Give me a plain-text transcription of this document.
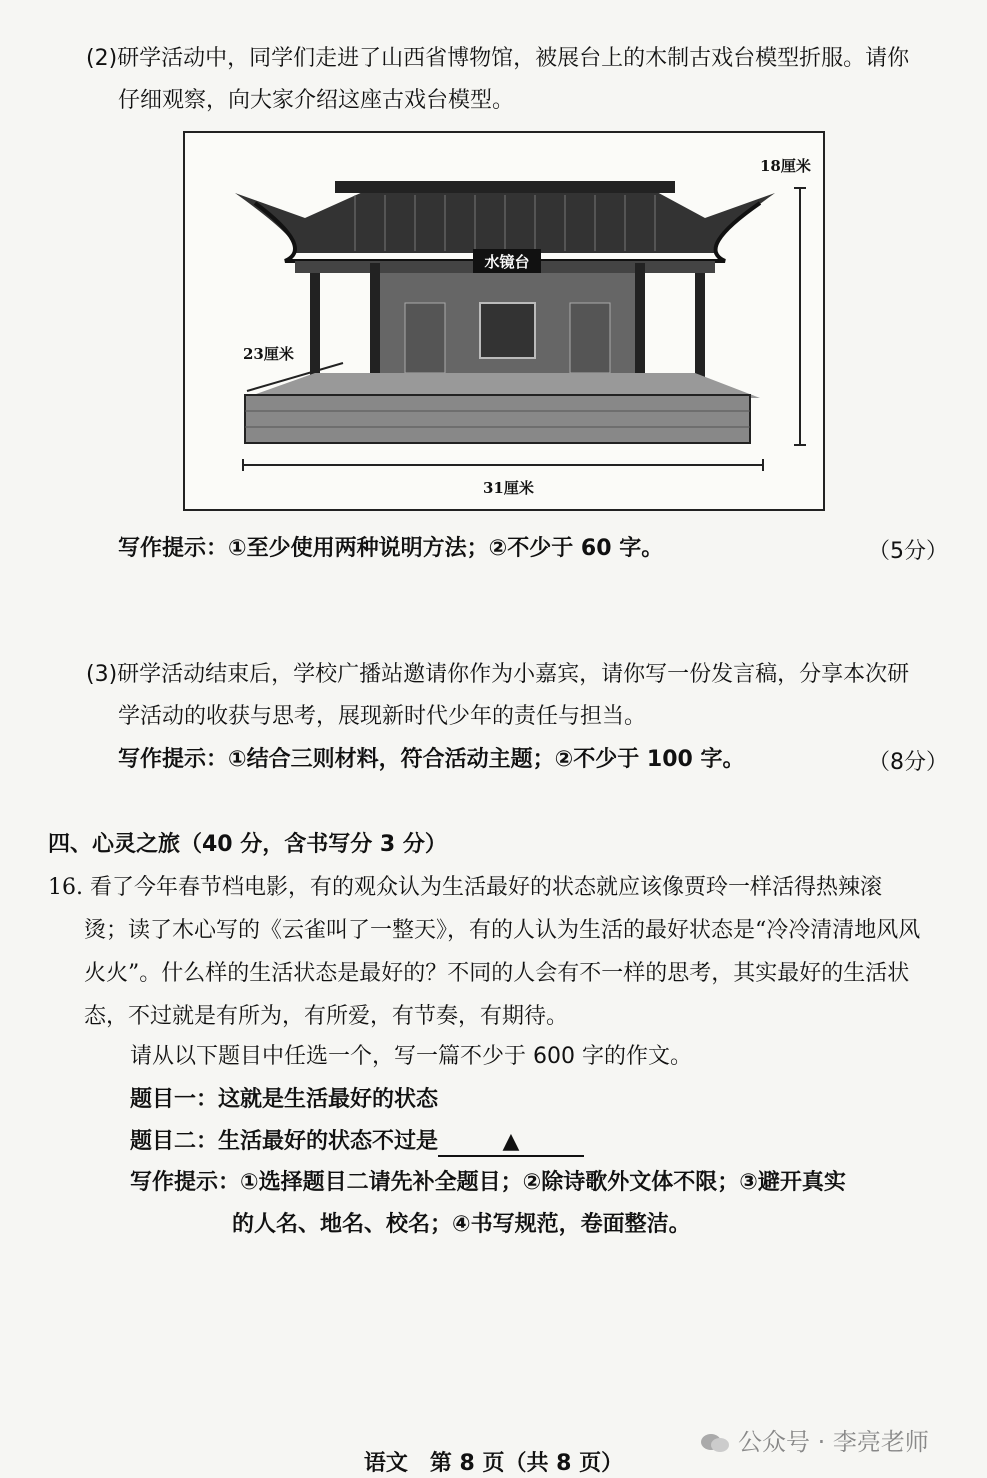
(2)研学活动中，同学们走进了山西省博物馆，被展台上的木制古戏台模型折服。请你
仔细观察，向大家介绍这座古戏台模型。
水镜台
18厘米
23厘米
31厘米
写作提示：①至少使用两种说明方法；②不少于 60 字。	（5分）
(3)研学活动结束后，学校广播站邀请你作为小嘉宾，请你写一份发言稿，分享本次研
学活动的收获与思考，展现新时代少年的责任与担当。
写作提示：①结合三则材料，符合活动主题；②不少于 100 字。	（8分）
四、心灵之旅（40 分，含书写分 3 分）
16. 看了今年春节档电影，有的观众认为生活最好的状态就应该像贾玲一样活得热辣滚
烫；读了木心写的《云雀叫了一整天》，有的人认为生活的最好状态是“冷冷清清地风风
火火”。什么样的生活状态是最好的？不同的人会有不一样的思考，其实最好的生活状
态，不过就是有所为，有所爱，有节奏，有期待。
请从以下题目中任选一个，写一篇不少于 600 字的作文。
题目一：这就是生活最好的状态
题目二：生活最好的状态不过是	▲
写作提示：①选择题目二请先补全题目；②除诗歌外文体不限；③避开真实
的人名、地名、校名；④书写规范，卷面整洁。
公众号 · 李亮老师
语文　第 8 页（共 8 页）
